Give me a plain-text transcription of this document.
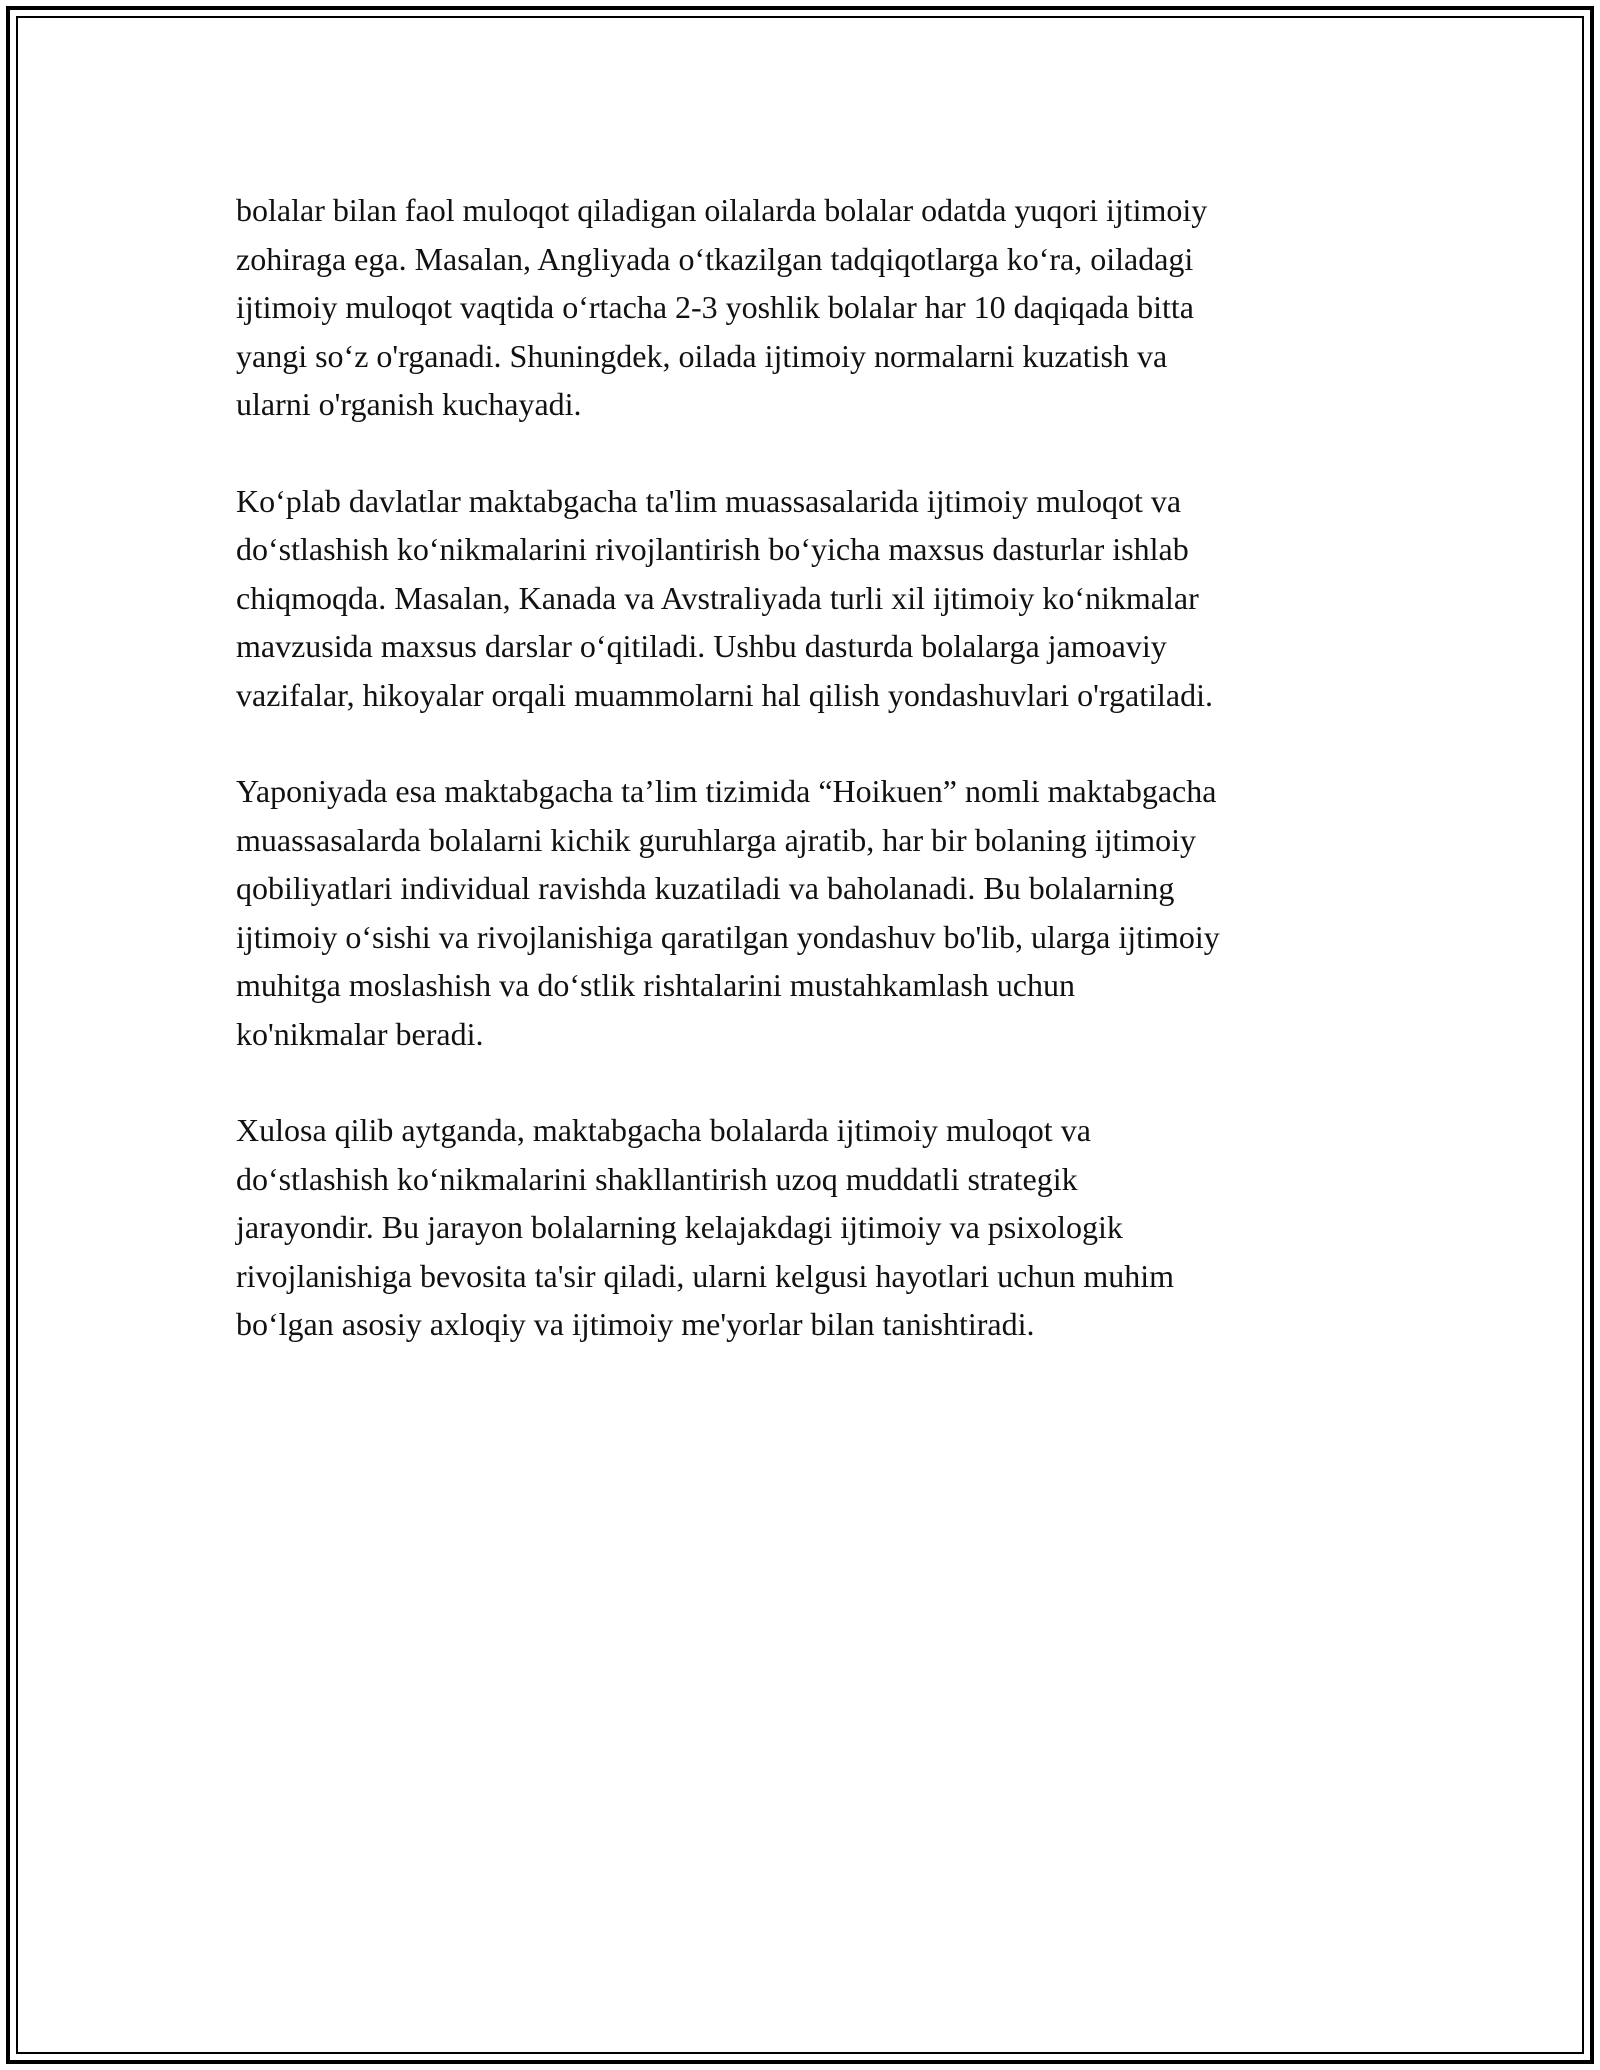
bolalar bilan faol muloqot qiladigan oilalarda bolalar odatda yuqori ijtimoiy
zohiraga ega. Masalan, Angliyada o‘tkazilgan tadqiqotlarga ko‘ra, oiladagi
ijtimoiy muloqot vaqtida o‘rtacha 2-3 yoshlik bolalar har 10 daqiqada bitta
yangi so‘z o'rganadi. Shuningdek, oilada ijtimoiy normalarni kuzatish va
ularni o'rganish kuchayadi.

Ko‘plab davlatlar maktabgacha ta'lim muassasalarida ijtimoiy muloqot va
do‘stlashish ko‘nikmalarini rivojlantirish bo‘yicha maxsus dasturlar ishlab
chiqmoqda. Masalan, Kanada va Avstraliyada turli xil ijtimoiy ko‘nikmalar
mavzusida maxsus darslar o‘qitiladi. Ushbu dasturda bolalarga jamoaviy
vazifalar, hikoyalar orqali muammolarni hal qilish yondashuvlari o'rgatiladi.

Yaponiyada esa maktabgacha ta’lim tizimida “Hoikuen” nomli maktabgacha
muassasalarda bolalarni kichik guruhlarga ajratib, har bir bolaning ijtimoiy
qobiliyatlari individual ravishda kuzatiladi va baholanadi. Bu bolalarning
ijtimoiy o‘sishi va rivojlanishiga qaratilgan yondashuv bo'lib, ularga ijtimoiy
muhitga moslashish va do‘stlik rishtalarini mustahkamlash uchun
ko'nikmalar beradi.

Xulosa qilib aytganda, maktabgacha bolalarda ijtimoiy muloqot va
do‘stlashish ko‘nikmalarini shakllantirish uzoq muddatli strategik
jarayondir. Bu jarayon bolalarning kelajakdagi ijtimoiy va psixologik
rivojlanishiga bevosita ta'sir qiladi, ularni kelgusi hayotlari uchun muhim
bo‘lgan asosiy axloqiy va ijtimoiy me'yorlar bilan tanishtiradi.
